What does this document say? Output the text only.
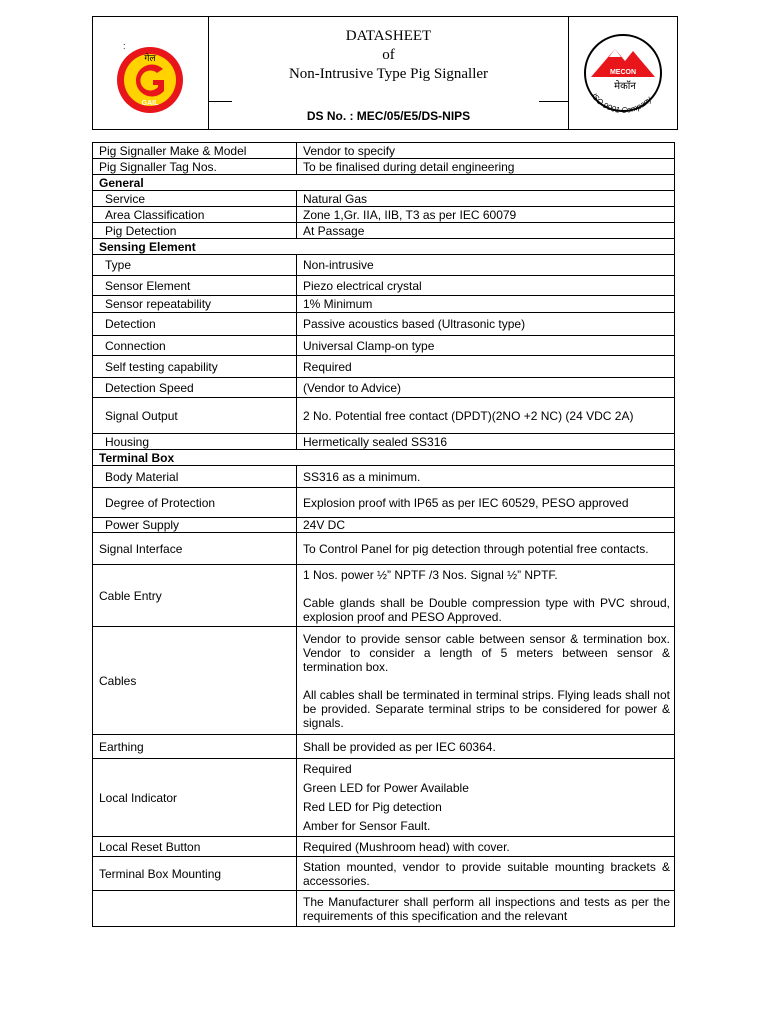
:
गेल
GAIL
DATASHEET
of
Non-Intrusive Type Pig Signaller
DS No. : MEC/05/E5/DS-NIPS
MECON
मेकॉन
ISO 9001 Company
Pig Signaller Make & Model	Vendor to specify
Pig Signaller Tag Nos.	To be finalised during detail engineering
General	
Service	Natural Gas
Area Classification	Zone 1,Gr. IIA, IIB, T3 as per IEC 60079
Pig Detection	At Passage
Sensing Element	
Type	Non-intrusive
Sensor Element	Piezo electrical crystal
Sensor repeatability	1% Minimum
Detection	Passive acoustics based (Ultrasonic type)
Connection	Universal Clamp-on type
Self testing capability	Required
Detection Speed	(Vendor to Advice)
Signal Output	2 No. Potential free contact (DPDT)(2NO +2 NC) (24 VDC 2A)
Housing	Hermetically sealed SS316
Terminal Box	
Body Material	SS316 as a minimum.
Degree of Protection	Explosion proof with IP65 as per IEC 60529, PESO approved
Power Supply	24V DC
Signal Interface	To Control Panel for pig detection through potential free contacts.
Cable Entry	1 Nos. power ½” NPTF /3 Nos. Signal ½” NPTF.
Cable glands shall be Double compression type with PVC shroud, explosion proof and PESO Approved.

Cables	Vendor to provide sensor cable between sensor & termination box. Vendor to consider a length of 5 meters between sensor & termination box.
All cables shall be terminated in terminal strips. Flying leads shall not be provided. Separate terminal strips to be considered for power & signals.

Earthing	Shall be provided as per IEC 60364.
Local Indicator	Required
Green LED for Power Available
Red LED for Pig detection
Amber for Sensor Fault.

Local Reset Button	Required (Mushroom head) with cover.
Terminal Box Mounting	Station mounted, vendor to provide suitable mounting brackets & accessories.
	The Manufacturer shall perform all inspections and tests as per the requirements of this specification and the relevant
